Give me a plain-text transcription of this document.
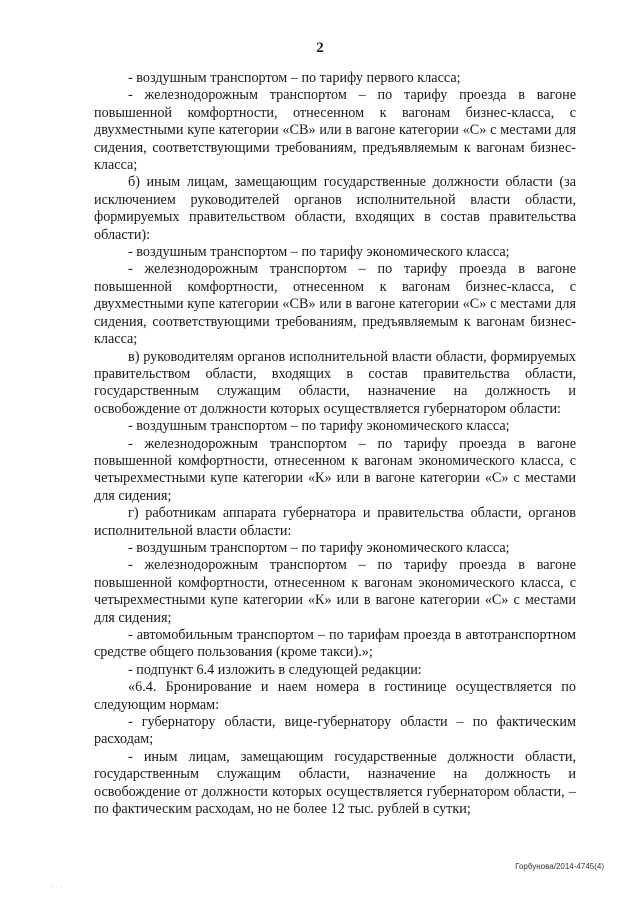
2

- воздушным транспортом – по тарифу первого класса;

- железнодорожным транспортом – по тарифу проезда в вагоне повышенной комфортности, отнесенном к вагонам бизнес-класса, с двухместными купе категории «СВ» или в вагоне категории «С» с местами для сидения, соответствующими требованиям, предъявляемым к вагонам бизнес-класса;

б) иным лицам, замещающим государственные должности области (за исключением руководителей органов исполнительной власти области, формируемых правительством области, входящих в состав правительства области):

- воздушным транспортом – по тарифу экономического класса;

- железнодорожным транспортом – по тарифу проезда в вагоне повышенной комфортности, отнесенном к вагонам бизнес-класса, с двухместными купе категории «СВ» или в вагоне категории «С» с местами для сидения, соответствующими требованиям, предъявляемым к вагонам бизнес-класса;

в) руководителям органов исполнительной власти области, формируемых правительством области, входящих в состав правительства области, государственным служащим области, назначение на должность и освобождение от должности которых осуществляется губернатором области:

- воздушным транспортом – по тарифу экономического класса;

- железнодорожным транспортом – по тарифу проезда в вагоне повышенной комфортности, отнесенном к вагонам экономического класса, с четырехместными купе категории «К» или в вагоне категории «С» с местами для сидения;

г) работникам аппарата губернатора и правительства области, органов исполнительной власти области:

- воздушным транспортом – по тарифу экономического класса;

- железнодорожным транспортом – по тарифу проезда в вагоне повышенной комфортности, отнесенном к вагонам экономического класса, с четырехместными купе категории «К» или в вагоне категории «С» с местами для сидения;

- автомобильным транспортом – по тарифам проезда в автотранспортном средстве общего пользования (кроме такси).»;

- подпункт 6.4 изложить в следующей редакции:

«6.4. Бронирование и наем номера в гостинице осуществляется по следующим нормам:

- губернатору области, вице-губернатору области – по фактическим расходам;

- иным лицам, замещающим государственные должности области, государственным служащим области, назначение на должность и освобождение от должности которых осуществляется губернатором области, – по фактическим расходам, но не более 12 тыс. рублей в сутки;

Горбунова/2014-4745(4)
· ·
